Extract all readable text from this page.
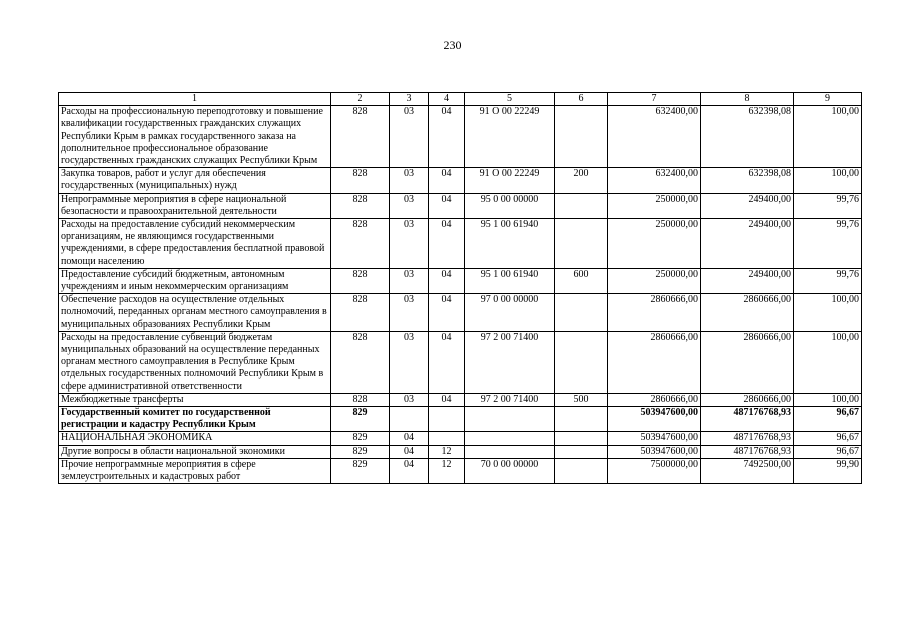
230
1	2	3	4	5	6	7	8	9
Расходы на профессиональную переподготовку и повышение квалификации государственных гражданских служащих Республики Крым в рамках государственного заказа на дополнительное профессиональное образование государственных гражданских служащих Республики Крым	828	03	04	91 О 00 22249		632400,00	632398,08	100,00
Закупка товаров, работ и услуг для обеспечения государственных (муниципальных) нужд	828	03	04	91 О 00 22249	200	632400,00	632398,08	100,00
Непрограммные мероприятия в сфере национальной безопасности и правоохранительной деятельности	828	03	04	95 0 00 00000		250000,00	249400,00	99,76
Расходы на предоставление субсидий некоммерческим организациям, не являющимся государственными учреждениями, в сфере предоставления бесплатной правовой помощи населению	828	03	04	95 1 00 61940		250000,00	249400,00	99,76
Предоставление субсидий бюджетным, автономным учреждениям и иным некоммерческим организациям	828	03	04	95 1 00 61940	600	250000,00	249400,00	99,76
Обеспечение расходов на осуществление отдельных полномочий, переданных органам местного самоуправления в муниципальных образованиях Республики Крым	828	03	04	97 0 00 00000		2860666,00	2860666,00	100,00
Расходы на предоставление субвенций бюджетам муниципальных образований на осуществление переданных органам местного самоуправления в Республике Крым отдельных государственных полномочий Республики Крым в сфере административной ответственности	828	03	04	97 2 00 71400		2860666,00	2860666,00	100,00
Межбюджетные трансферты	828	03	04	97 2 00 71400	500	2860666,00	2860666,00	100,00
Государственный комитет по государственной регистрации и кадастру Республики Крым	829					503947600,00	487176768,93	96,67
НАЦИОНАЛЬНАЯ ЭКОНОМИКА	829	04				503947600,00	487176768,93	96,67
Другие вопросы в области национальной экономики	829	04	12			503947600,00	487176768,93	96,67
Прочие непрограммные мероприятия в сфере землеустроительных и кадастровых работ	829	04	12	70 0 00 00000		7500000,00	7492500,00	99,90
